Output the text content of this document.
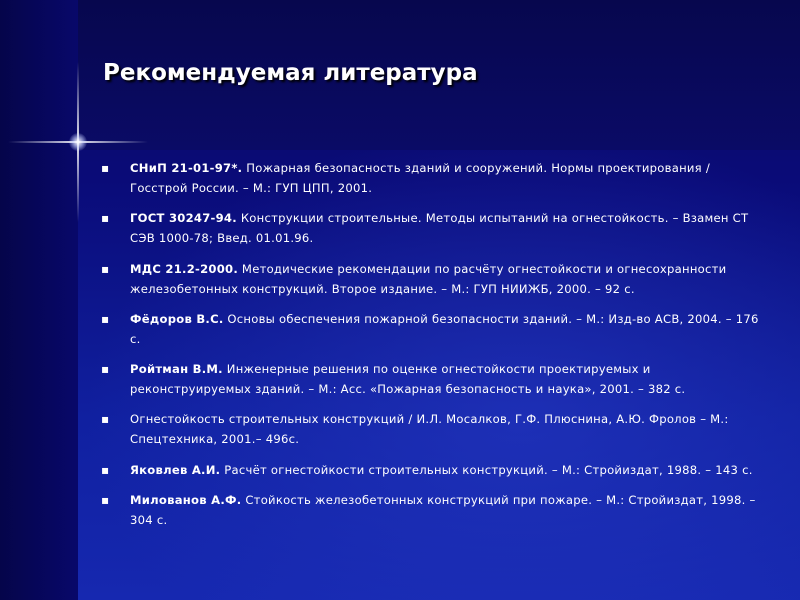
Рекомендуемая литература
▪ СНиП 21-01-97*. Пожарная безопасность зданий и сооружений. Нормы проектирования / Госстрой России. – М.: ГУП ЦПП, 2001.
▪ ГОСТ 30247-94. Конструкции строительные. Методы испытаний на огнестойкость. – Взамен СТ СЭВ 1000-78; Введ. 01.01.96.
▪ МДС 21.2-2000. Методические рекомендации по расчёту огнестойкости и огнесохранности железобетонных конструкций. Второе издание. – М.: ГУП НИИЖБ, 2000. – 92 с.
▪ Фёдоров В.С. Основы обеспечения пожарной безопасности зданий. – М.: Изд-во АСВ, 2004. – 176 с.
▪ Ройтман В.М. Инженерные решения по оценке огнестойкости проектируемых и реконструируемых зданий. – М.: Асс. «Пожарная безопасность и наука», 2001. – 382 с.
▪ Огнестойкость строительных конструкций / И.Л. Мосалков, Г.Ф. Плюснина, А.Ю. Фролов – М.: Спецтехника, 2001.– 496с.
▪ Яковлев А.И. Расчёт огнестойкости строительных конструкций. – М.: Стройиздат, 1988. – 143 с.
▪ Милованов А.Ф. Стойкость железобетонных конструкций при пожаре. – М.: Стройиздат, 1998. – 304 с.
